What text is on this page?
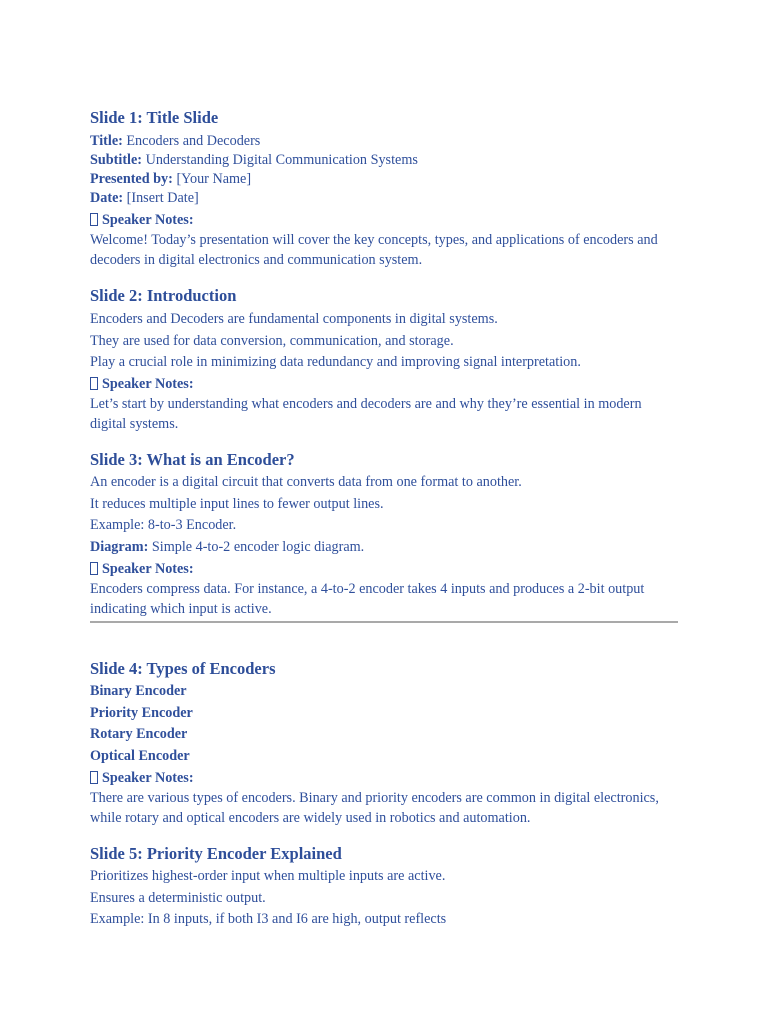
Slide 1: Title Slide
Title: Encoders and Decoders
Subtitle: Understanding Digital Communication Systems
Presented by: [Your Name]
Date: [Insert Date]
Speaker Notes:
Welcome! Today’s presentation will cover the key concepts, types, and applications of encoders and decoders in digital electronics and communication system.
Slide 2: Introduction
Encoders and Decoders are fundamental components in digital systems.
They are used for data conversion, communication, and storage.
Play a crucial role in minimizing data redundancy and improving signal interpretation.
Speaker Notes:
Let’s start by understanding what encoders and decoders are and why they’re essential in modern digital systems.
Slide 3: What is an Encoder?
An encoder is a digital circuit that converts data from one format to another.
It reduces multiple input lines to fewer output lines.
Example: 8-to-3 Encoder.
Diagram: Simple 4-to-2 encoder logic diagram.
Speaker Notes:
Encoders compress data. For instance, a 4-to-2 encoder takes 4 inputs and produces a 2-bit output indicating which input is active.
Slide 4: Types of Encoders
Binary Encoder
Priority Encoder
Rotary Encoder
Optical Encoder
Speaker Notes:
There are various types of encoders. Binary and priority encoders are common in digital electronics, while rotary and optical encoders are widely used in robotics and automation.
Slide 5: Priority Encoder Explained
Prioritizes highest-order input when multiple inputs are active.
Ensures a deterministic output.
Example: In 8 inputs, if both I3 and I6 are high, output reflects
